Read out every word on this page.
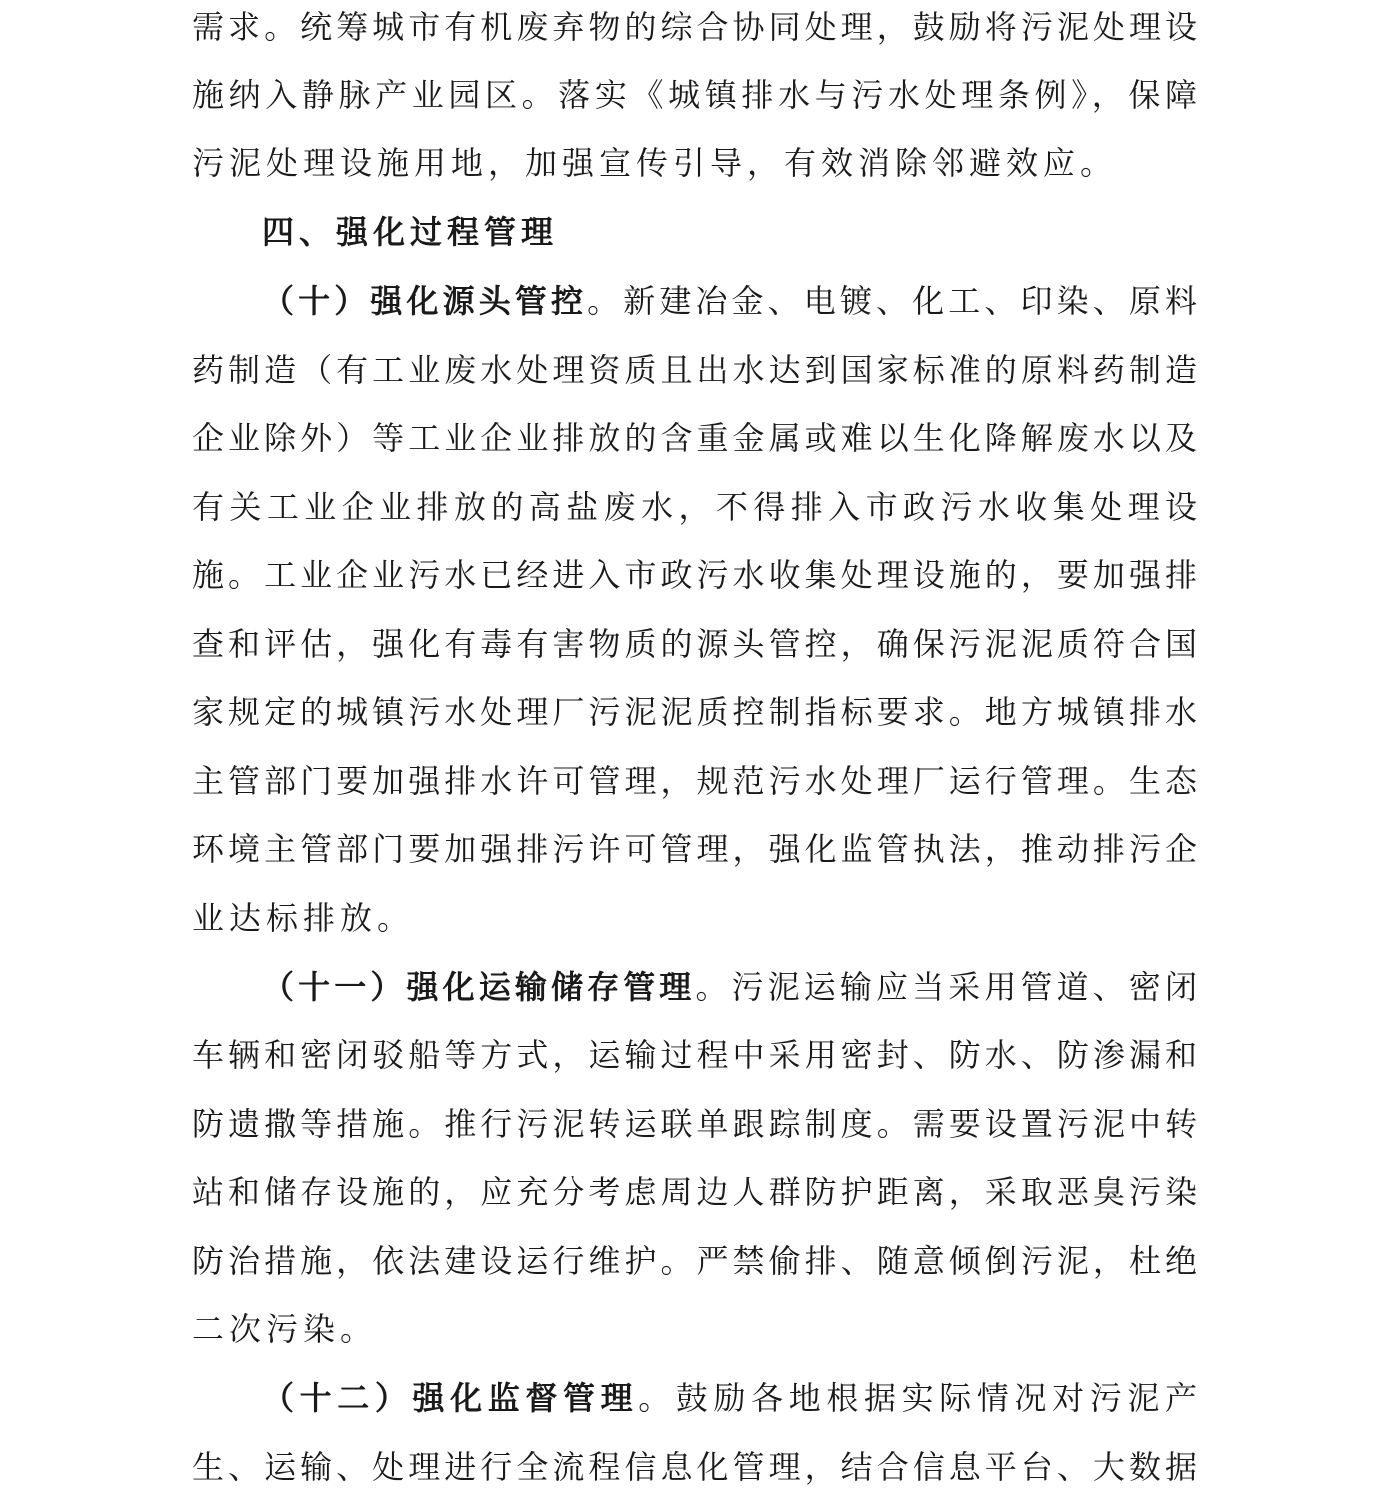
需求。统筹城市有机废弃物的综合协同处理，鼓励将污泥处理设
施纳入静脉产业园区。落实《城镇排水与污水处理条例》，保障
污泥处理设施用地，加强宣传引导，有效消除邻避效应。
四、强化过程管理
（十）强化源头管控。新建冶金、电镀、化工、印染、原料
药制造（有工业废水处理资质且出水达到国家标准的原料药制造
企业除外）等工业企业排放的含重金属或难以生化降解废水以及
有关工业企业排放的高盐废水，不得排入市政污水收集处理设
施。工业企业污水已经进入市政污水收集处理设施的，要加强排
查和评估，强化有毒有害物质的源头管控，确保污泥泥质符合国
家规定的城镇污水处理厂污泥泥质控制指标要求。地方城镇排水
主管部门要加强排水许可管理，规范污水处理厂运行管理。生态
环境主管部门要加强排污许可管理，强化监管执法，推动排污企
业达标排放。
（十一）强化运输储存管理。污泥运输应当采用管道、密闭
车辆和密闭驳船等方式，运输过程中采用密封、防水、防渗漏和
防遗撒等措施。推行污泥转运联单跟踪制度。需要设置污泥中转
站和储存设施的，应充分考虑周边人群防护距离，采取恶臭污染
防治措施，依法建设运行维护。严禁偷排、随意倾倒污泥，杜绝
二次污染。
（十二）强化监督管理。鼓励各地根据实际情况对污泥产
生、运输、处理进行全流程信息化管理，结合信息平台、大数据
